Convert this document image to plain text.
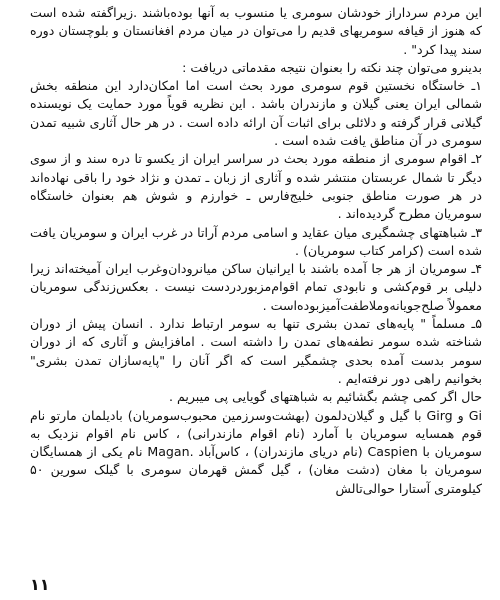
این مردم سرداراز خودشان سومری یا منسوب به آنها بوده‌باشند .زیراگفته شده است که هنوز از قیافه سومریهای قدیم را می‌توان در میان مردم افغانستان و بلوچستان دوره سند پیدا کرد" .

بدینرو می‌توان چند نکته را بعنوان نتیجه مقدماتی دریافت :

۱ـ خاستگاه نخستین قوم سومری مورد بحث است اما امکان‌دارد این منطقه بخش شمالی ایران یعنی گیلان و مازندران باشد . این نظریه قویاً مورد حمایت یک نویسنده گیلانی قرار گرفته و دلائلی برای اثبات آن ارائه داده است . در هر حال آثاری شبیه تمدن سومری در آن مناطق یافت شده است .

۲ـ اقوام سومری از منطقه مورد بحث در سراسر ایران از یکسو تا دره سند و از سوی دیگر تا شمال عربستان منتشر شده و آثاری از زبان ـ تمدن و نژاد خود را باقی نهاده‌اند در هر صورت مناطق جنوبی خلیج‌فارس ـ خوارزم و شوش هم بعنوان خاستگاه سومریان مطرح گردیده‌اند .

۳ـ شباهتهای چشمگیری میان عقاید و اسامی مردم آراتا در غرب ایران و سومریان یافت شده است (کرامر کتاب سومریان) .

۴ـ سومریان از هر جا آمده باشند با ایرانیان ساکن میانرودان‌وغرب ایران آمیخته‌اند زیرا دلیلی بر قوم‌کشی و نابودی تمام اقوام‌مزبوردردست نیست . بعکس‌زندگی سومریان معمولاً صلح‌جویانه‌وملاطفت‌آمیزبوده‌است .

۵ـ مسلماً " پایه‌های تمدن بشری تنها به سومر ارتباط ندارد . انسان پیش از دوران شناخته شده سومر نطفه‌های تمدن را داشته است . امافزایش و آثاری که از دوران سومر بدست آمده بحدی چشمگیر است که اگر آنان را "پایه‌سازان تمدن بشری" بخوانیم راهی دور نرفته‌ایم .

حال اگر کمی چشم بگشائیم به شباهتهای گویایی پی میبریم .

Gi و Girg با گیل و گیلان‌دلمون (بهشت‌وسرزمین محبوب‌سومریان) بادیلمان مارتو نام قوم همسایه سومریان با آمارد (نام اقوام مازندرانی) ، کاس نام اقوام نزدیک به سومریان با Caspien (نام دریای مازندران) ، کاس‌آباد .Magan نام یکی از همسایگان سومریان با مغان (دشت مغان) ، گیل گمش قهرمان سومری با گیلک سورین ۵۰ کیلومتری آستارا حوالی‌تالش

۱۱
